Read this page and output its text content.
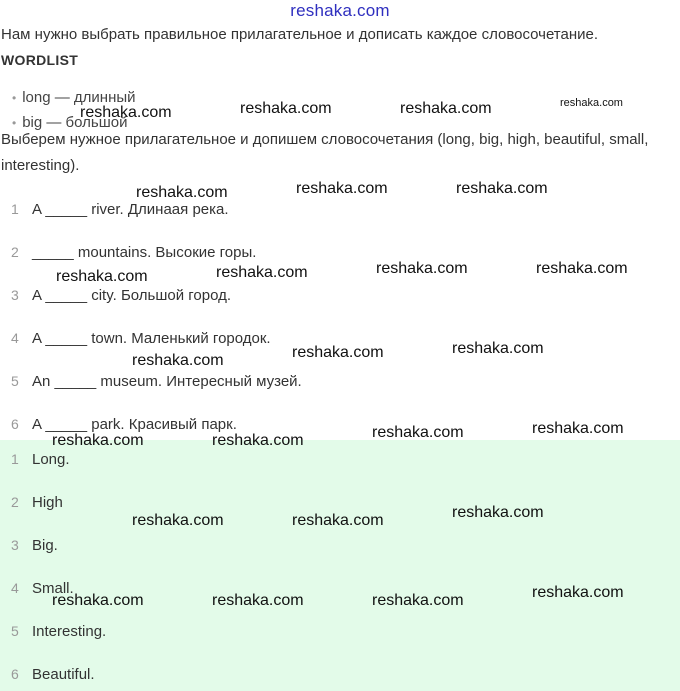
reshaka.com
Нам нужно выбрать правильное прилагательное и дописать каждое словосочетание.
WORDLIST
• long — длинный
• big — большой
Выберем нужное прилагательное и допишем словосочетания (long, big, high, beautiful, small, interesting).
1 A _____ river. Длинаая река.
2 _____ mountains. Высокие горы.
3 A _____ city. Большой город.
4 A _____ town. Маленький городок.
5 An _____ museum. Интересный музей.
6 A _____ park. Красивый парк.
1 Long.
2 High
3 Big.
4 Small.
5 Interesting.
6 Beautiful.
reshaka.com	reshaka.com	reshaka.com	reshaka.com
reshaka.com	reshaka.com	reshaka.com
reshaka.com	reshaka.com	reshaka.com	reshaka.com
reshaka.com	reshaka.com	reshaka.com
reshaka.com	reshaka.com	reshaka.com	reshaka.com
reshaka.com	reshaka.com	reshaka.com
reshaka.com	reshaka.com	reshaka.com	reshaka.com
